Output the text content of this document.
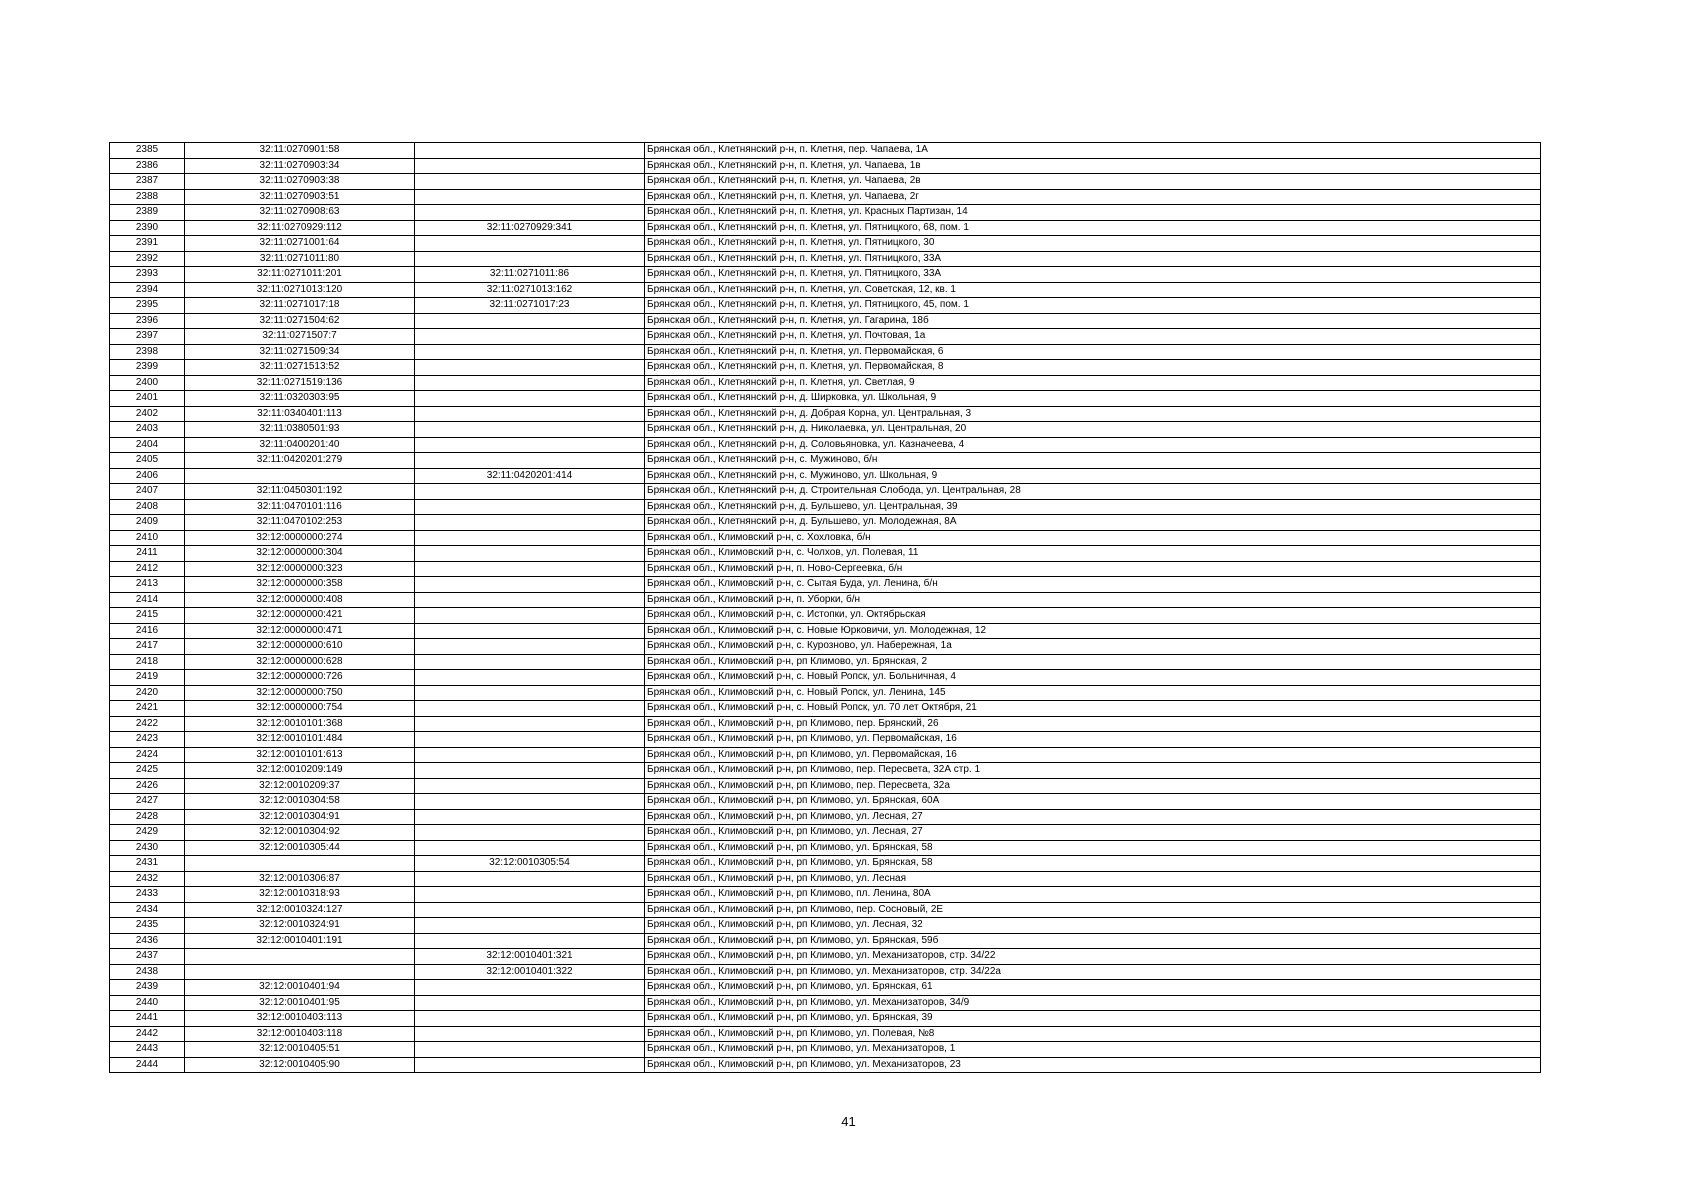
2385	32:11:0270901:58		Брянская обл., Клетнянский р-н, п. Клетня, пер. Чапаева, 1А
2386	32:11:0270903:34		Брянская обл., Клетнянский р-н, п. Клетня, ул. Чапаева, 1в
2387	32:11:0270903:38		Брянская обл., Клетнянский р-н, п. Клетня, ул. Чапаева, 2в
2388	32:11:0270903:51		Брянская обл., Клетнянский р-н, п. Клетня, ул. Чапаева, 2г
2389	32:11:0270908:63		Брянская обл., Клетнянский р-н, п. Клетня, ул. Красных Партизан, 14
2390	32:11:0270929:112	32:11:0270929:341	Брянская обл., Клетнянский р-н, п. Клетня, ул. Пятницкого, 68, пом. 1
2391	32:11:0271001:64		Брянская обл., Клетнянский р-н, п. Клетня, ул. Пятницкого, 30
2392	32:11:0271011:80		Брянская обл., Клетнянский р-н, п. Клетня, ул. Пятницкого, 33А
2393	32:11:0271011:201	32:11:0271011:86	Брянская обл., Клетнянский р-н, п. Клетня, ул. Пятницкого, 33А
2394	32:11:0271013:120	32:11:0271013:162	Брянская обл., Клетнянский р-н, п. Клетня, ул. Советская, 12, кв. 1
2395	32:11:0271017:18	32:11:0271017:23	Брянская обл., Клетнянский р-н, п. Клетня, ул. Пятницкого, 45, пом. 1
2396	32:11:0271504:62		Брянская обл., Клетнянский р-н, п. Клетня, ул. Гагарина, 18б
2397	32:11:0271507:7		Брянская обл., Клетнянский р-н, п. Клетня, ул. Почтовая, 1а
2398	32:11:0271509:34		Брянская обл., Клетнянский р-н, п. Клетня, ул. Первомайская, 6
2399	32:11:0271513:52		Брянская обл., Клетнянский р-н, п. Клетня, ул. Первомайская, 8
2400	32:11:0271519:136		Брянская обл., Клетнянский р-н, п. Клетня, ул. Светлая, 9
2401	32:11:0320303:95		Брянская обл., Клетнянский р-н, д. Ширковка, ул. Школьная, 9
2402	32:11:0340401:113		Брянская обл., Клетнянский р-н, д. Добрая Корна, ул. Центральная, 3
2403	32:11:0380501:93		Брянская обл., Клетнянский р-н, д. Николаевка, ул. Центральная, 20
2404	32:11:0400201:40		Брянская обл., Клетнянский р-н, д. Соловьяновка, ул. Казначеева, 4
2405	32:11:0420201:279		Брянская обл., Клетнянский р-н, с. Мужиново, б/н
2406		32:11:0420201:414	Брянская обл., Клетнянский р-н, с. Мужиново, ул. Школьная, 9
2407	32:11:0450301:192		Брянская обл., Клетнянский р-н, д. Строительная Слобода, ул. Центральная, 28
2408	32:11:0470101:116		Брянская обл., Клетнянский р-н, д. Бульшево, ул. Центральная, 39
2409	32:11:0470102:253		Брянская обл., Клетнянский р-н, д. Бульшево, ул. Молодежная, 8А
2410	32:12:0000000:274		Брянская обл., Климовский р-н, с. Хохловка, б/н
2411	32:12:0000000:304		Брянская обл., Климовский р-н, с. Чолхов, ул. Полевая, 11
2412	32:12:0000000:323		Брянская обл., Климовский р-н, п. Ново-Сергеевка, б/н
2413	32:12:0000000:358		Брянская обл., Климовский р-н, с. Сытая Буда, ул. Ленина, б/н
2414	32:12:0000000:408		Брянская обл., Климовский р-н, п. Уборки, б/н
2415	32:12:0000000:421		Брянская обл., Климовский р-н, с. Истопки, ул. Октябрьская
2416	32:12:0000000:471		Брянская обл., Климовский р-н, с. Новые Юрковичи, ул. Молодежная, 12
2417	32:12:0000000:610		Брянская обл., Климовский р-н, с. Курозново, ул. Набережная, 1а
2418	32:12:0000000:628		Брянская обл., Климовский р-н, рп Климово, ул. Брянская, 2
2419	32:12:0000000:726		Брянская обл., Климовский р-н, с. Новый Ропск, ул. Больничная, 4
2420	32:12:0000000:750		Брянская обл., Климовский р-н, с. Новый Ропск, ул. Ленина, 145
2421	32:12:0000000:754		Брянская обл., Климовский р-н, с. Новый Ропск, ул. 70 лет Октября, 21
2422	32:12:0010101:368		Брянская обл., Климовский р-н, рп Климово, пер. Брянский, 26
2423	32:12:0010101:484		Брянская обл., Климовский р-н, рп Климово, ул. Первомайская, 16
2424	32:12:0010101:613		Брянская обл., Климовский р-н, рп Климово, ул. Первомайская, 16
2425	32:12:0010209:149		Брянская обл., Климовский р-н, рп Климово, пер. Пересвета, 32А стр. 1
2426	32:12:0010209:37		Брянская обл., Климовский р-н, рп Климово, пер. Пересвета, 32а
2427	32:12:0010304:58		Брянская обл., Климовский р-н, рп Климово, ул. Брянская, 60А
2428	32:12:0010304:91		Брянская обл., Климовский р-н, рп Климово, ул. Лесная, 27
2429	32:12:0010304:92		Брянская обл., Климовский р-н, рп Климово, ул. Лесная, 27
2430	32:12:0010305:44		Брянская обл., Климовский р-н, рп Климово, ул. Брянская, 58
2431		32:12:0010305:54	Брянская обл., Климовский р-н, рп Климово, ул. Брянская, 58
2432	32:12:0010306:87		Брянская обл., Климовский р-н, рп Климово, ул. Лесная
2433	32:12:0010318:93		Брянская обл., Климовский р-н, рп Климово, пл. Ленина, 80А
2434	32:12:0010324:127		Брянская обл., Климовский р-н, рп Климово, пер. Сосновый, 2Е
2435	32:12:0010324:91		Брянская обл., Климовский р-н, рп Климово, ул. Лесная, 32
2436	32:12:0010401:191		Брянская обл., Климовский р-н, рп Климово, ул. Брянская, 59б
2437		32:12:0010401:321	Брянская обл., Климовский р-н, рп Климово, ул. Механизаторов, стр. 34/22
2438		32:12:0010401:322	Брянская обл., Климовский р-н, рп Климово, ул. Механизаторов, стр. 34/22а
2439	32:12:0010401:94		Брянская обл., Климовский р-н, рп Климово, ул. Брянская, 61
2440	32:12:0010401:95		Брянская обл., Климовский р-н, рп Климово, ул. Механизаторов, 34/9
2441	32:12:0010403:113		Брянская обл., Климовский р-н, рп Климово, ул. Брянская, 39
2442	32:12:0010403:118		Брянская обл., Климовский р-н, рп Климово, ул. Полевая, №8
2443	32:12:0010405:51		Брянская обл., Климовский р-н, рп Климово, ул. Механизаторов, 1
2444	32:12:0010405:90		Брянская обл., Климовский р-н, рп Климово, ул. Механизаторов, 23
41
